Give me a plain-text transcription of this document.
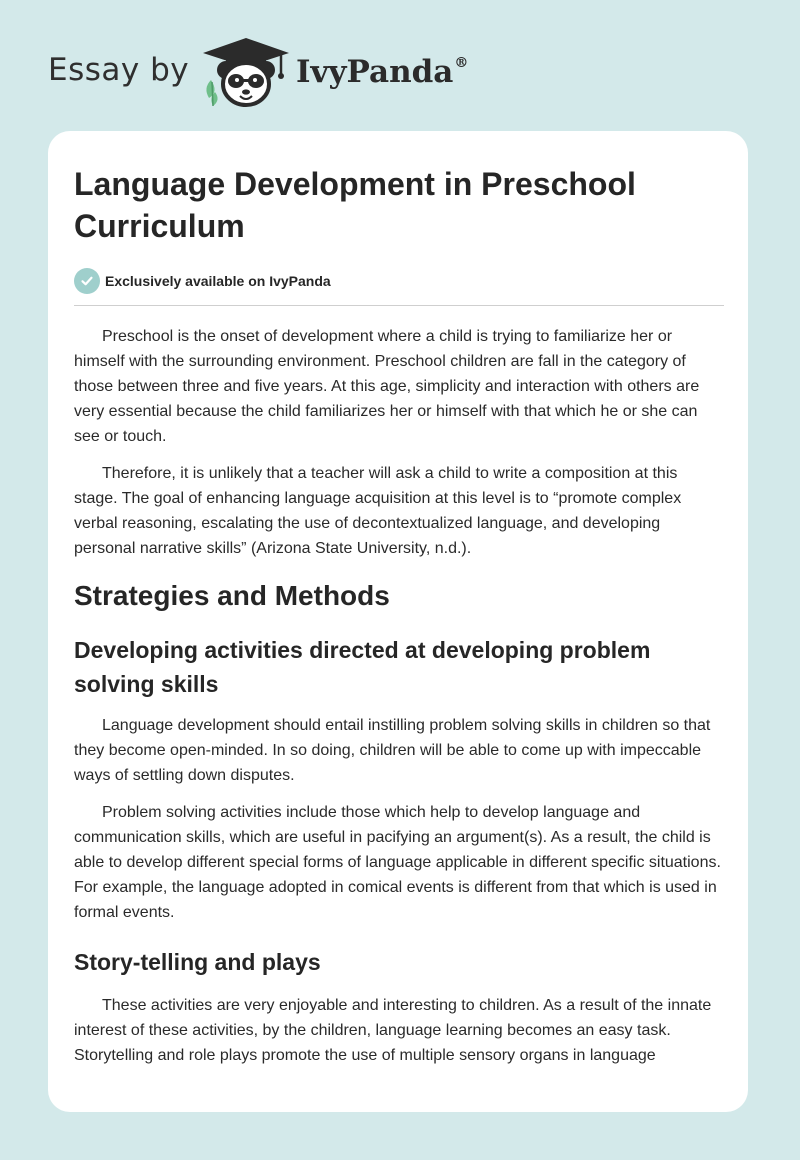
Essay by	IvyPanda®
Language Development in Preschool Curriculum
Exclusively available on IvyPanda

Preschool is the onset of development where a child is trying to familiarize her or himself with the surrounding environment. Preschool children are fall in the category of those between three and five years. At this age, simplicity and interaction with others are very essential because the child familiarizes her or himself with that which he or she can see or touch.

Therefore, it is unlikely that a teacher will ask a child to write a composition at this stage. The goal of enhancing language acquisition at this level is to “promote complex verbal reasoning, escalating the use of decontextualized language, and developing personal narrative skills” (Arizona State University, n.d.).

Strategies and Methods
Developing activities directed at developing problem solving skills

Language development should entail instilling problem solving skills in children so that they become open-minded. In so doing, children will be able to come up with impeccable ways of settling down disputes.

Problem solving activities include those which help to develop language and communication skills, which are useful in pacifying an argument(s). As a result, the child is able to develop different special forms of language applicable in different specific situations. For example, the language adopted in comical events is different from that which is used in formal events.

Story-telling and plays

These activities are very enjoyable and interesting to children. As a result of the innate interest of these activities, by the children, language learning becomes an easy task. Storytelling and role plays promote the use of multiple sensory organs in language
